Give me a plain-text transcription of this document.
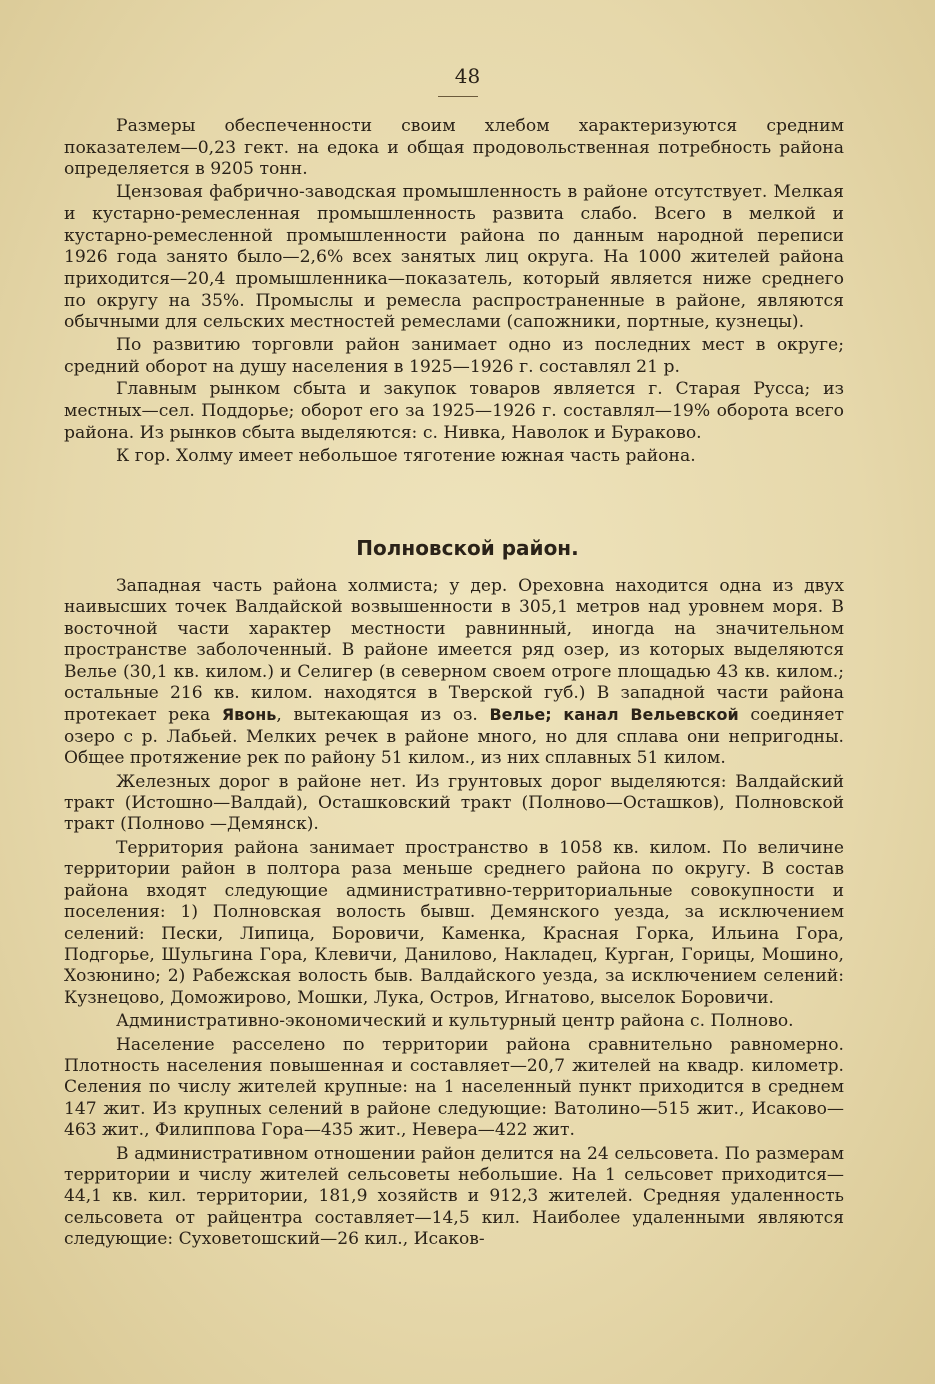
48

Размеры обеспеченности своим хлебом характеризуются средним показателем—0,23 гект. на едока и общая продовольственная потребность района определяется в 9205 тонн.

Цензовая фабрично-заводская промышленность в районе отсутствует. Мелкая и кустарно-ремесленная промышленность развита слабо. Всего в мелкой и кустарно-ремесленной промышленности района по данным народной переписи 1926 года занято было—2,6% всех занятых лиц округа. На 1000 жителей района приходится—20,4 промышленника—показатель, который является ниже среднего по округу на 35%. Промыслы и ремесла распространенные в районе, являются обычными для сельских местностей ремеслами (сапожники, портные, кузнецы).

По развитию торговли район занимает одно из последних мест в округе; средний оборот на душу населения в 1925—1926 г. составлял 21 р.

Главным рынком сбыта и закупок товаров является г. Старая Русса; из местных—сел. Поддорье; оборот его за 1925—1926 г. составлял—19% оборота всего района. Из рынков сбыта выделяются: с. Нивка, Наволок и Бураково.

К гор. Холму имеет небольшое тяготение южная часть района.

Полновской район.

Западная часть района холмиста; у дер. Ореховна находится одна из двух наивысших точек Валдайской возвышенности в 305,1 метров над уровнем моря. В восточной части характер местности равнинный, иногда на значительном пространстве заболоченный. В районе имеется ряд озер, из которых выделяются Велье (30,1 кв. килом.) и Селигер (в северном своем отроге площадью 43 кв. килом.; остальные 216 кв. килом. находятся в Тверской губ.) В западной части района протекает река Явонь, вытекающая из оз. Велье; канал Вельевской соединяет озеро с р. Лабьей. Мелких речек в районе много, но для сплава они непригодны. Общее протяжение рек по району 51 килом., из них сплавных 51 килом.

Железных дорог в районе нет. Из грунтовых дорог выделяются: Валдайский тракт (Истошно—Валдай), Осташковский тракт (Полново—Осташков), Полновской тракт (Полново —Демянск).

Территория района занимает пространство в 1058 кв. килом. По величине территории район в полтора раза меньше среднего района по округу. В состав района входят следующие административно-территориальные совокупности и поселения: 1) Полновская волость бывш. Демянского уезда, за исключением селений: Пески, Липица, Боровичи, Каменка, Красная Горка, Ильина Гора, Подгорье, Шульгина Гора, Клевичи, Данилово, Накладец, Курган, Горицы, Мошино, Хозюнино; 2) Рабежская волость быв. Валдайского уезда, за исключением селений: Кузнецово, Доможирово, Мошки, Лука, Остров, Игнатово, выселок Боровичи.

Административно-экономический и культурный центр района с. Полново.

Население расселено по территории района сравнительно равномерно. Плотность населения повышенная и составляет—20,7 жителей на квадр. километр. Селения по числу жителей крупные: на 1 населенный пункт приходится в среднем 147 жит. Из крупных селений в районе следующие: Ватолино—515 жит., Исаково—463 жит., Филиппова Гора—435 жит., Невера—422 жит.

В административном отношении район делится на 24 сельсовета. По размерам территории и числу жителей сельсоветы небольшие. На 1 сельсовет приходится—44,1 кв. кил. территории, 181,9 хозяйств и 912,3 жителей. Средняя удаленность сельсовета от райцентра составляет—14,5 кил. Наиболее удаленными являются следующие: Суховетошский—26 кил., Исаков-
